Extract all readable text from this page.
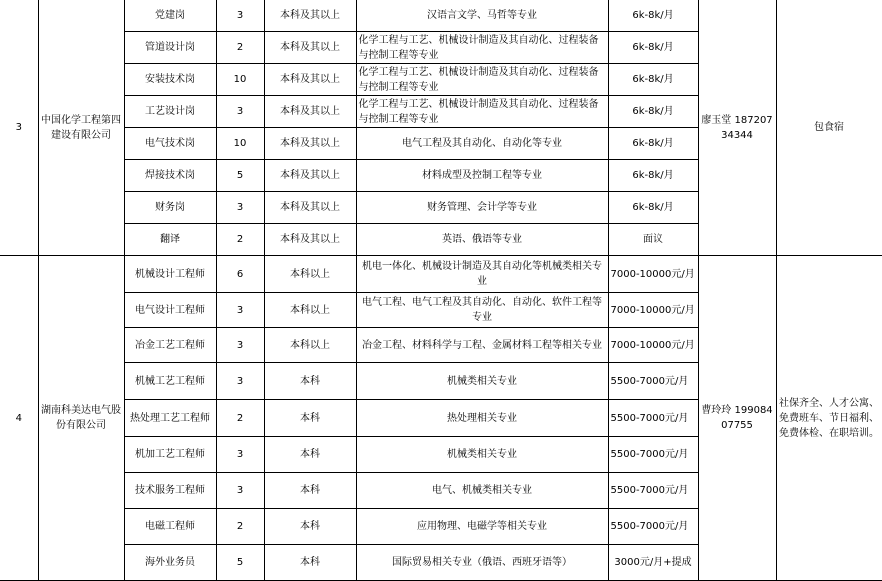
3	中国化学工程第四建设有限公司	党建岗	3	本科及其以上	汉语言文学、马哲等专业	6k-8k/月	廖玉堂 18720734344	包食宿
		管道设计岗	2	本科及其以上	化学工程与工艺、机械设计制造及其自动化、过程装备与控制工程等专业	6k-8k/月		
		安装技术岗	10	本科及其以上	化学工程与工艺、机械设计制造及其自动化、过程装备与控制工程等专业	6k-8k/月		
		工艺设计岗	3	本科及其以上	化学工程与工艺、机械设计制造及其自动化、过程装备与控制工程等专业	6k-8k/月		
		电气技术岗	10	本科及其以上	电气工程及其自动化、自动化等专业	6k-8k/月		
		焊接技术岗	5	本科及其以上	材料成型及控制工程等专业	6k-8k/月		
		财务岗	3	本科及其以上	财务管理、会计学等专业	6k-8k/月		
		翻译	2	本科及其以上	英语、俄语等专业	面议		
4	湖南科美达电气股份有限公司	机械设计工程师	6	本科以上	机电一体化、机械设计制造及其自动化等机械类相关专业	7000-10000元/月	曹玲玲 19908407755	社保齐全、人才公寓、免费班车、节日福利、免费体检、在职培训。
		电气设计工程师	3	本科以上	电气工程、电气工程及其自动化、自动化、软件工程等专业	7000-10000元/月		
		冶金工艺工程师	3	本科以上	冶金工程、材料科学与工程、金属材料工程等相关专业	7000-10000元/月		
		机械工艺工程师	3	本科	机械类相关专业	5500-7000元/月		
		热处理工艺工程师	2	本科	热处理相关专业	5500-7000元/月		
		机加工艺工程师	3	本科	机械类相关专业	5500-7000元/月		
		技术服务工程师	3	本科	电气、机械类相关专业	5500-7000元/月		
		电磁工程师	2	本科	应用物理、电磁学等相关专业	5500-7000元/月		
		海外业务员	5	本科	国际贸易相关专业（俄语、西班牙语等）	3000元/月+提成		
